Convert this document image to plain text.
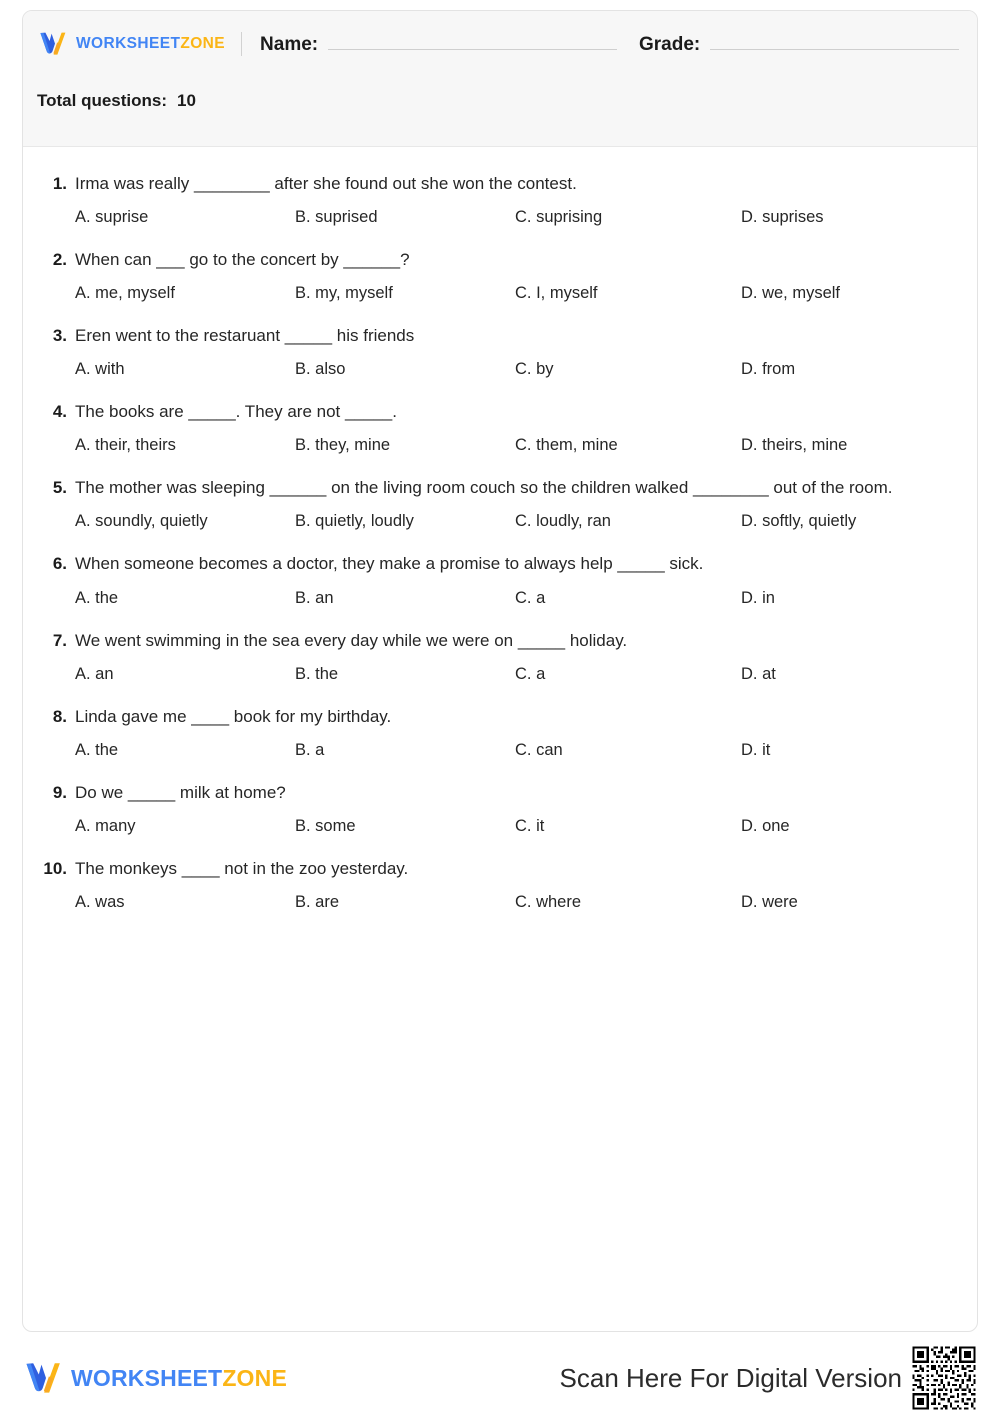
WORKSHEETZONE Name:	Grade:
Total questions: 10
1. Irma was really ________ after she found out she won the contest.
A. suprise	B. suprised	C. suprising	D. suprises
2. When can ___ go to the concert by ______?
A. me, myself	B. my, myself	C. I, myself	D. we, myself
3. Eren went to the restaruant _____ his friends
A. with	B. also	C. by	D. from
4. The books are _____. They are not _____.
A. their, theirs	B. they, mine	C. them, mine	D. theirs, mine
5. The mother was sleeping ______ on the living room couch so the children walked ________ out of the room.
A. soundly, quietly	B. quietly, loudly	C. loudly, ran	D. softly, quietly
6. When someone becomes a doctor, they make a promise to always help _____ sick.
A. the	B. an	C. a	D. in
7. We went swimming in the sea every day while we were on _____ holiday.
A. an	B. the	C. a	D. at
8. Linda gave me ____ book for my birthday.
A. the	B. a	C. can	D. it
9. Do we _____ milk at home?
A. many	B. some	C. it	D. one
10. The monkeys ____ not in the zoo yesterday.
A. was	B. are	C. where	D. were
WORKSHEETZONE	Scan Here For Digital Version
